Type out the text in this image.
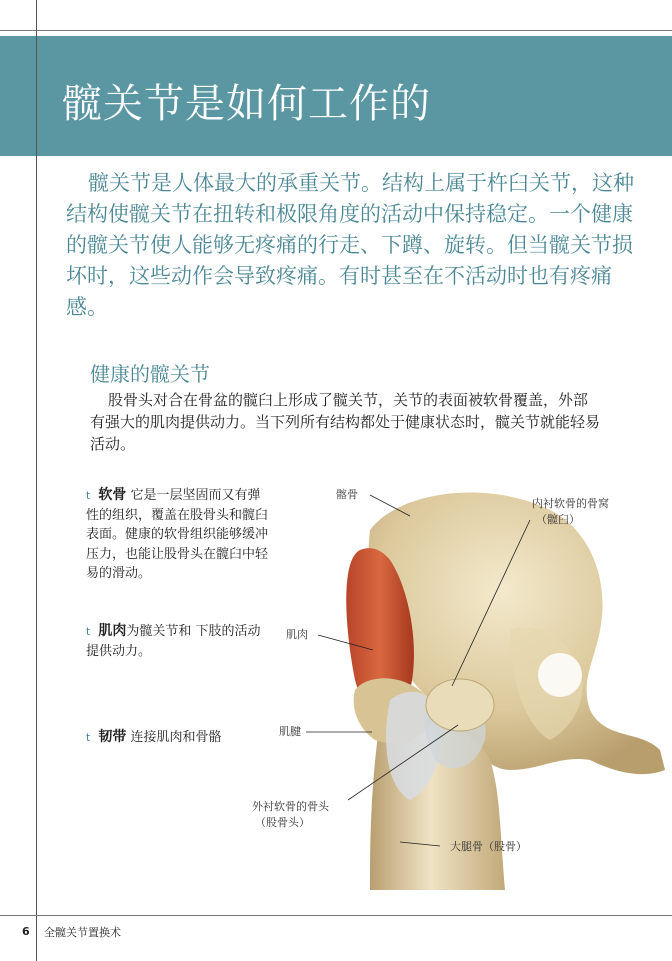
髋关节是如何工作的

髋关节是人体最大的承重关节。结构上属于杵臼关节，这种结构使髋关节在扭转和极限角度的活动中保持稳定。一个健康的髋关节使人能够无疼痛的行走、下蹲、旋转。但当髋关节损坏时，这些动作会导致疼痛。有时甚至在不活动时也有疼痛感。

健康的髋关节

股骨头对合在骨盆的髋臼上形成了髋关节，关节的表面被软骨覆盖，外部有强大的肌肉提供动力。当下列所有结构都处于健康状态时，髋关节就能轻易活动。

t 软骨 它是一层坚固而又有弹性的组织，覆盖在股骨头和髋臼表面。健康的软骨组织能够缓冲压力，也能让股骨头在髋臼中轻易的滑动。
t 肌肉为髋关节和 下肢的活动提供动力。
t 韧带 连接肌肉和骨骼
髂骨
内衬软骨的骨窝
（髋臼）
肌肉
肌腱
外衬软骨的骨头
（股骨头）
大腿骨（股骨）
6 全髋关节置换术
